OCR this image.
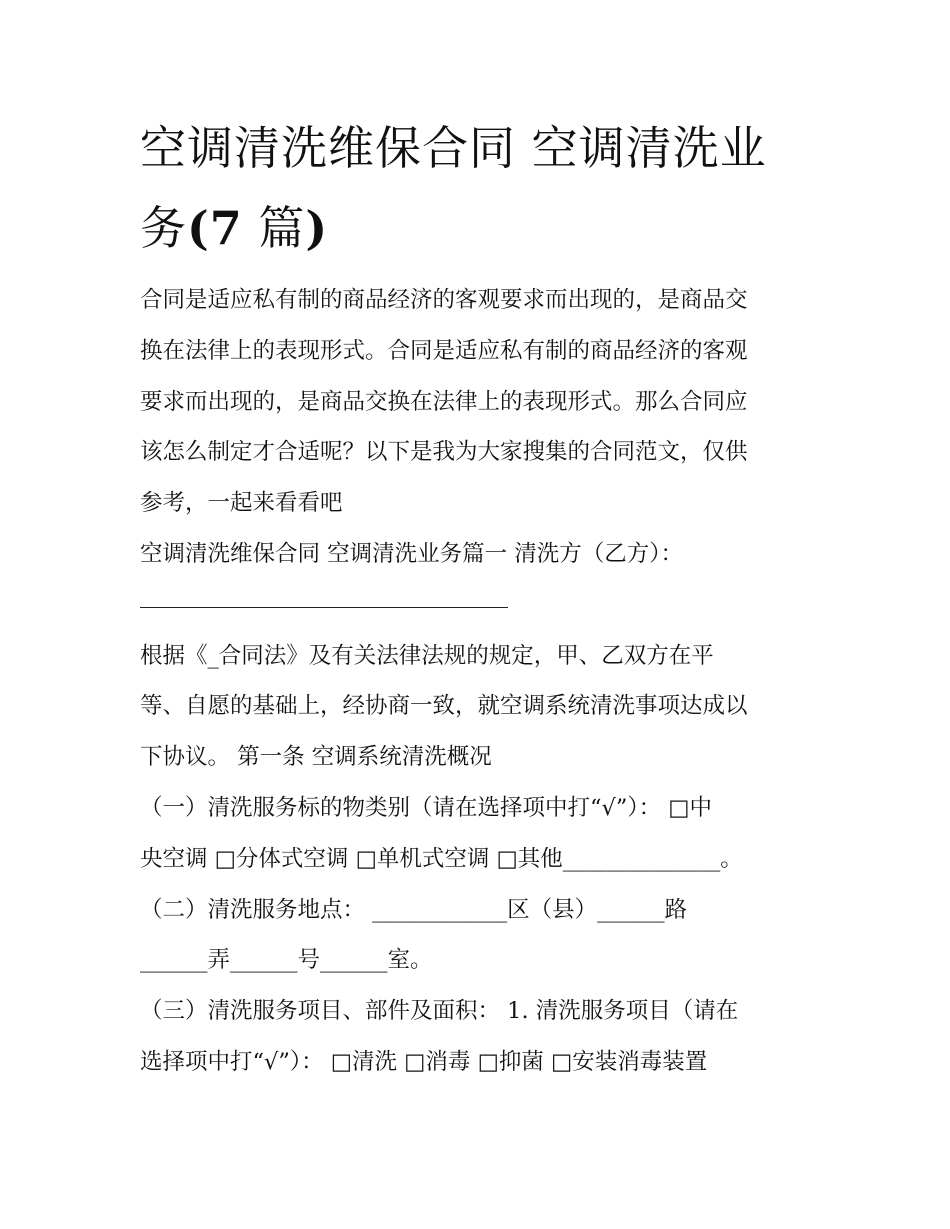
空调清洗维保合同 空调清洗业
务(7 篇)
合同是适应私有制的商品经济的客观要求而出现的，是商品交
换在法律上的表现形式。合同是适应私有制的商品经济的客观
要求而出现的，是商品交换在法律上的表现形式。那么合同应
该怎么制定才合适呢？以下是我为大家搜集的合同范文，仅供
参考，一起来看看吧
空调清洗维保合同 空调清洗业务篇一 清洗方（乙方）：
根据《_合同法》及有关法律法规的规定，甲、乙双方在平
等、自愿的基础上，经协商一致，就空调系统清洗事项达成以
下协议。 第一条 空调系统清洗概况
（一）清洗服务标的物类别（请在选择项中打“√”）： □中
央空调 □分体式空调 □单机式空调 □其他______________。
（二）清洗服务地点： ____________区（县）______路
______弄______号______室。
（三）清洗服务项目、部件及面积： 1. 清洗服务项目（请在
选择项中打“√”）： □清洗 □消毒 □抑菌 □安装消毒装置
